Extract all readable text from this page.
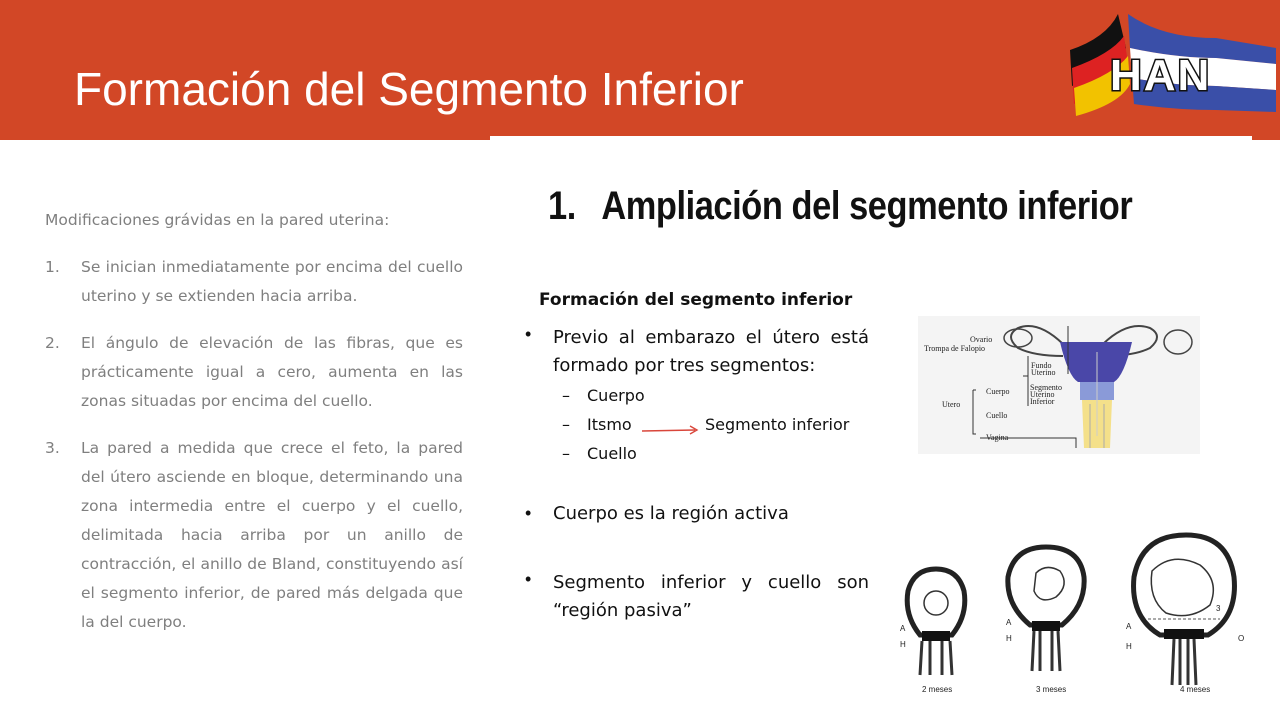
Formación del Segmento Inferior	HAN

Modificaciones grávidas en la pared uterina:

1. Se inician inmediatamente por encima del cuello uterino y se extienden hacia arriba.
2. El ángulo de elevación de las fibras, que es prácticamente igual a cero, aumenta en las zonas situadas por encima del cuello.
3. La pared a medida que crece el feto, la pared del útero asciende en bloque, determinando una zona intermedia entre el cuerpo y el cuello, delimitada hacia arriba por un anillo de contracción, el anillo de Bland, constituyendo así el segmento inferior, de pared más delgada que la del cuerpo.
1. Ampliación del segmento inferior
Formación del segmento inferior
• Previo al embarazo el útero está formado por tres segmentos:
– Cuerpo
– Itsmo	Segmento inferior
– Cuello
• Cuerpo es la región activa
• Segmento inferior y cuello son “región pasiva”
Ovario
Trompa de Falopio
Fundo
Uterino
Cuerpo	Segmento
Uterino
Inferior
Utero
Cuello
Vagina
2 meses
A
H
3 meses
A
H
4 meses
A
H
O
3
